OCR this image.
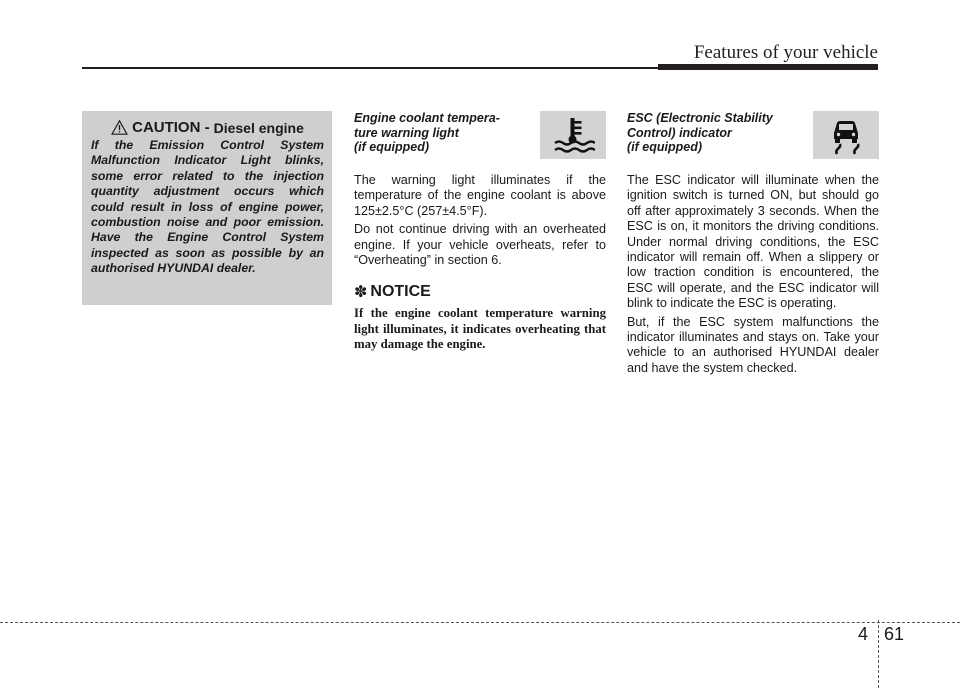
Features of your vehicle
CAUTION - Diesel engine
If the Emission Control System Malfunction Indicator Light blinks, some error related to the injection quantity adjustment occurs which could result in loss of engine power, combustion noise and poor emission. Have the Engine Control System inspected as soon as possible by an authorised HYUNDAI dealer.
Engine coolant tempera-
ture warning light
(if equipped)

The warning light illuminates if the temperature of the engine coolant is above 125±2.5°C (257±4.5°F).

Do not continue driving with an overheated engine. If your vehicle overheats, refer to “Overheating” in section 6.

✽ NOTICE
If the engine coolant temperature warning light illuminates, it indicates overheating that may damage the engine.
ESC (Electronic Stability
Control) indicator
(if equipped)

The ESC indicator will illuminate when the ignition switch is turned ON, but should go off after approximately 3 seconds. When the ESC is on, it monitors the driving conditions. Under normal driving conditions, the ESC indicator will remain off. When a slippery or low traction condition is encountered, the ESC will operate, and the ESC indicator will blink to indicate the ESC is operating.

But, if the ESC system malfunctions the indicator illuminates and stays on. Take your vehicle to an authorised HYUNDAI dealer and have the system checked.

4 61
